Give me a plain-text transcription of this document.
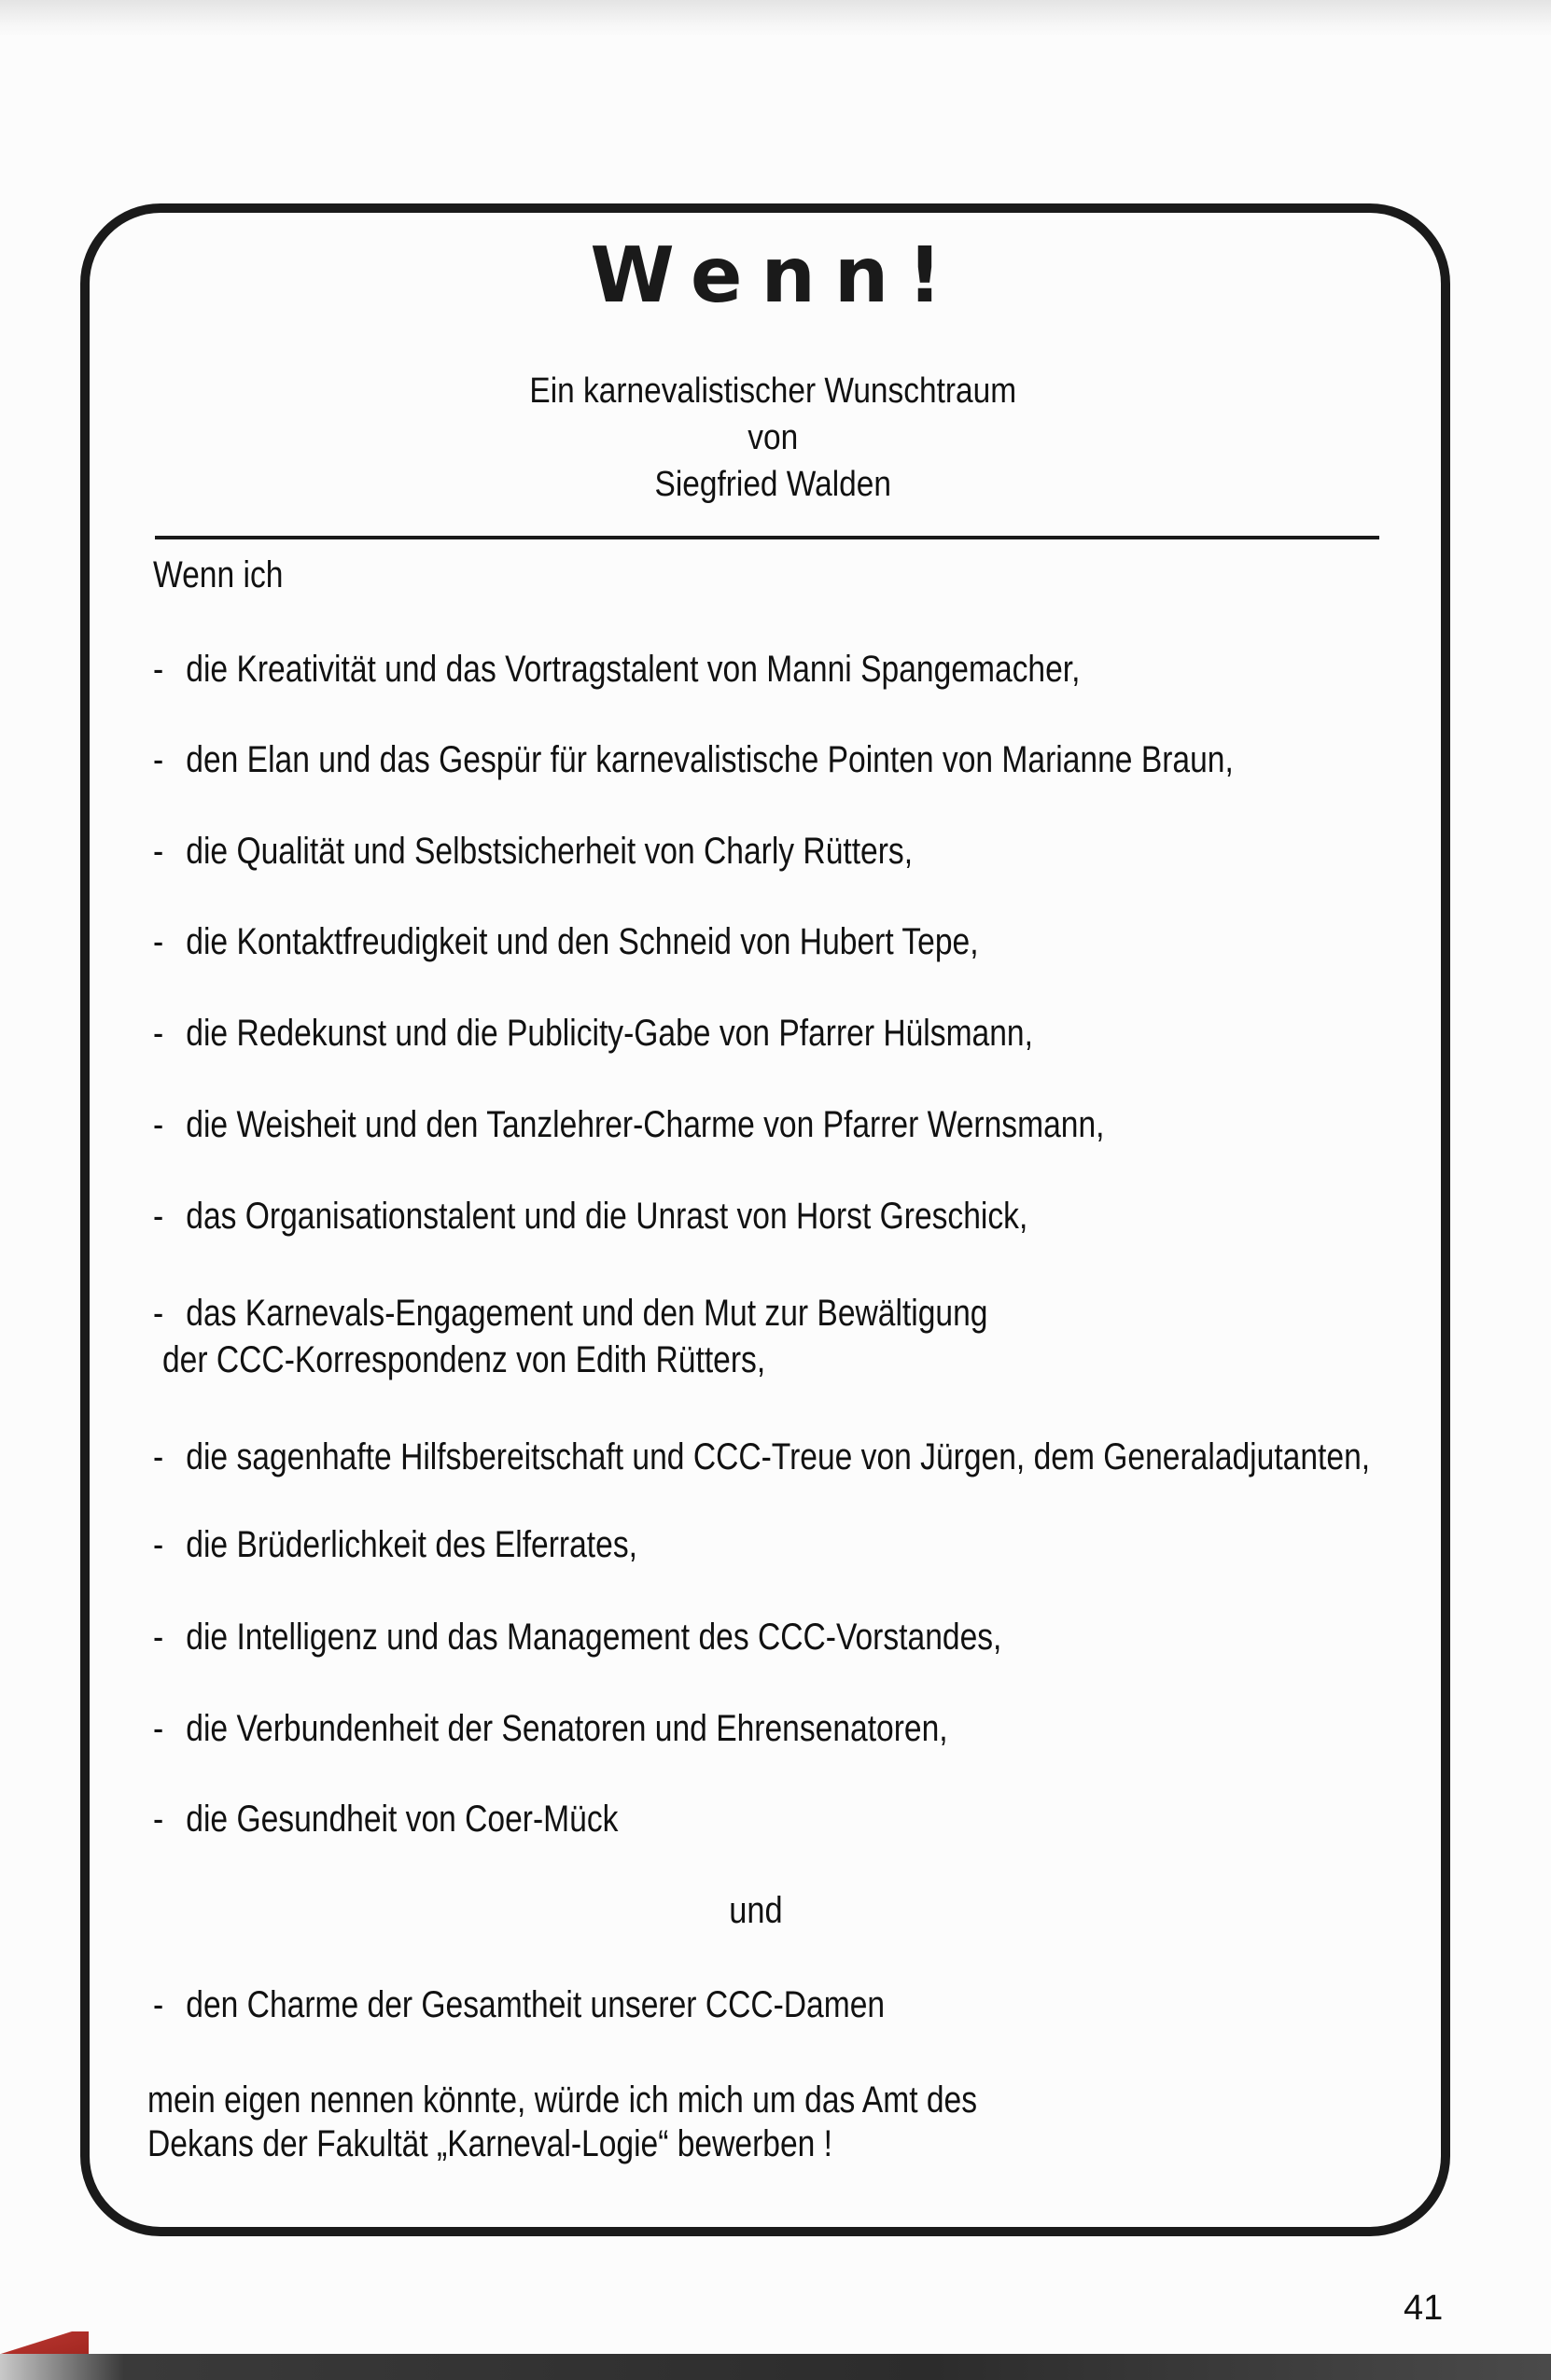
Wenn!
Ein karnevalistischer Wunschtraum
von
Siegfried Walden
Wenn ich
- die Kreativität und das Vortragstalent von Manni Spangemacher,
- den Elan und das Gespür für karnevalistische Pointen von Marianne Braun,
- die Qualität und Selbstsicherheit von Charly Rütters,
- die Kontaktfreudigkeit und den Schneid von Hubert Tepe,
- die Redekunst und die Publicity-Gabe von Pfarrer Hülsmann,
- die Weisheit und den Tanzlehrer-Charme von Pfarrer Wernsmann,
- das Organisationstalent und die Unrast von Horst Greschick,
- das Karnevals-Engagement und den Mut zur Bewältigung
der CCC-Korrespondenz von Edith Rütters,
- die sagenhafte Hilfsbereitschaft und CCC-Treue von Jürgen, dem Generaladjutanten,
- die Brüderlichkeit des Elferrates,
- die Intelligenz und das Management des CCC-Vorstandes,
- die Verbundenheit der Senatoren und Ehrensenatoren,
- die Gesundheit von Coer-Mück
und
- den Charme der Gesamtheit unserer CCC-Damen
mein eigen nennen könnte, würde ich mich um das Amt des
Dekans der Fakultät „Karneval-Logie“ bewerben !
41
